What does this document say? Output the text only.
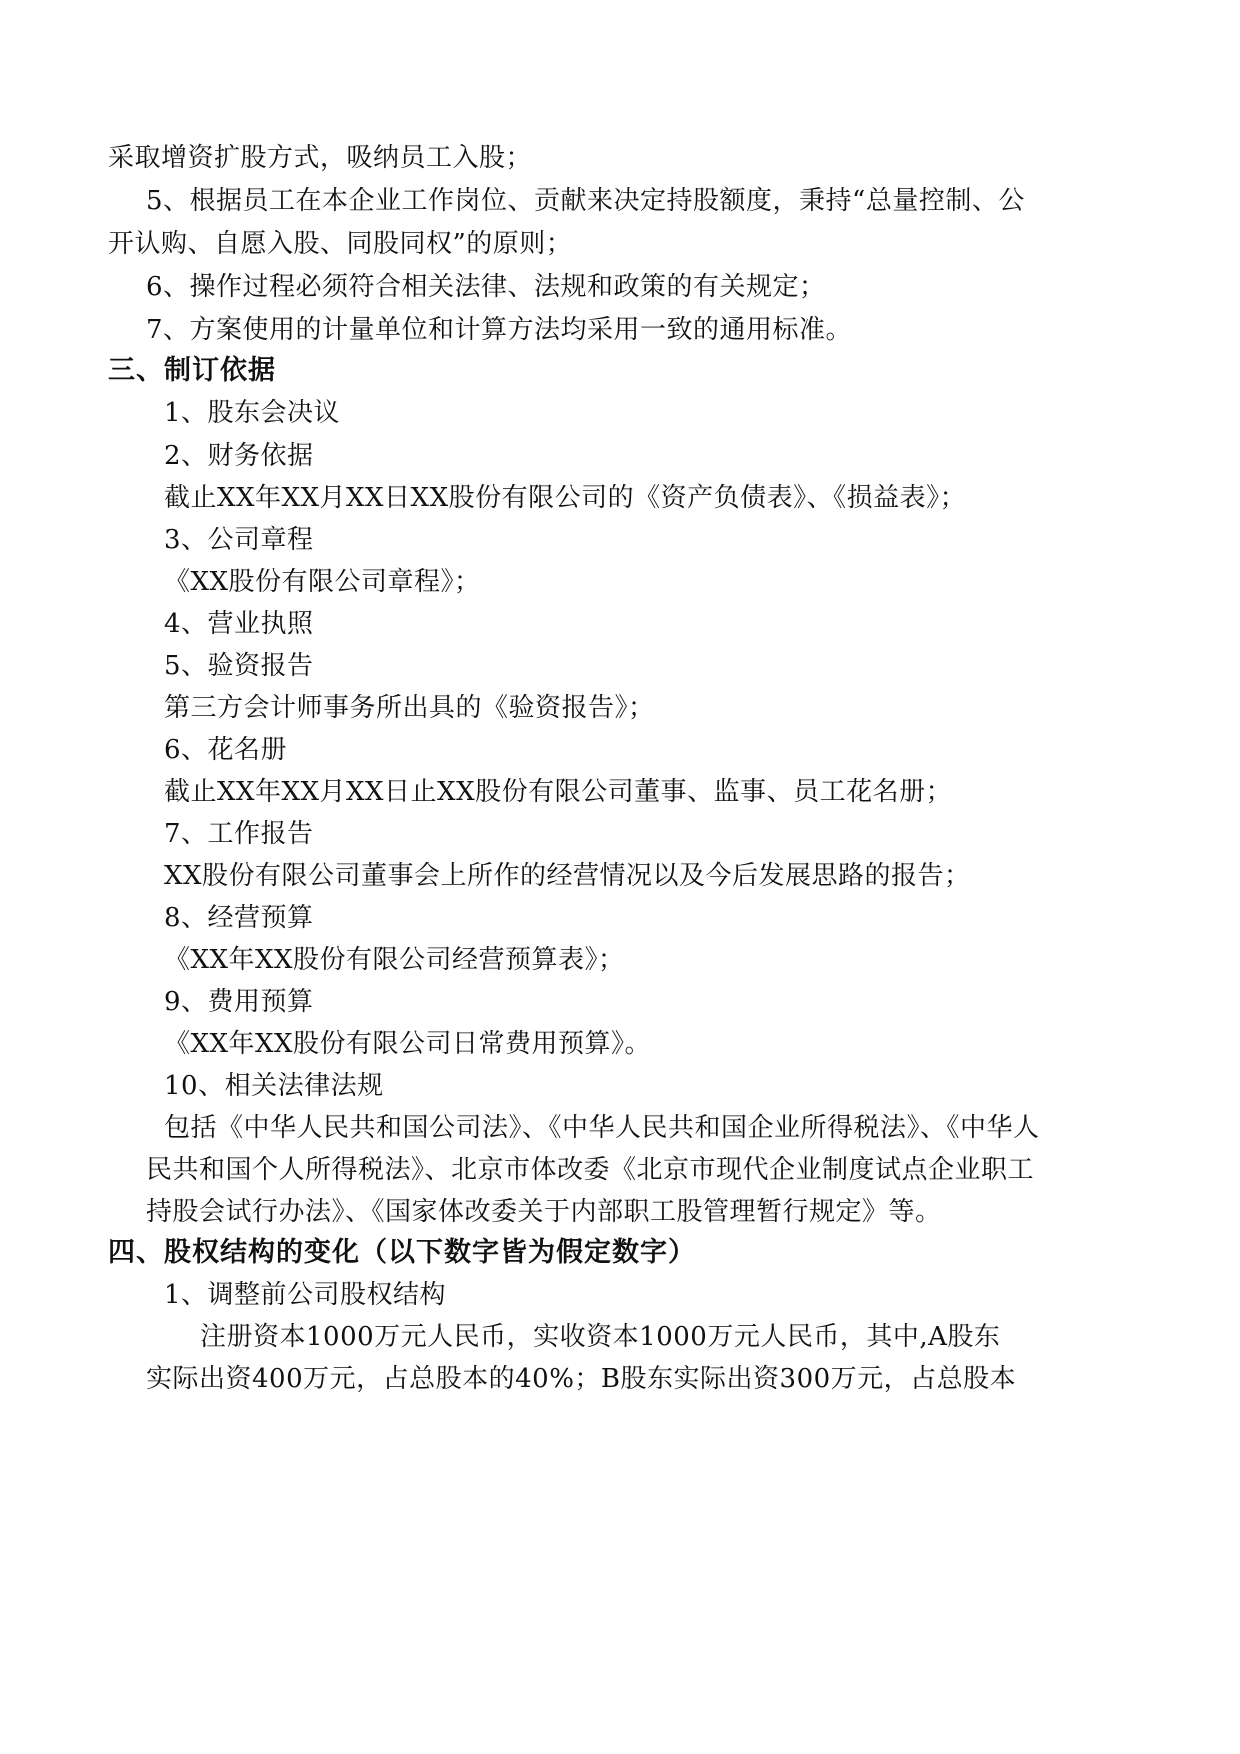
采取增资扩股方式，吸纳员工入股；
5、根据员工在本企业工作岗位、贡献来决定持股额度，秉持“总量控制、公
开认购、自愿入股、同股同权”的原则；
6、操作过程必须符合相关法律、法规和政策的有关规定；
7、方案使用的计量单位和计算方法均采用一致的通用标准。
三、制订依据
1、股东会决议
2、财务依据
截止XX年XX月XX日XX股份有限公司的《资产负债表》、《损益表》；
3、公司章程
《XX股份有限公司章程》；
4、营业执照
5、验资报告
第三方会计师事务所出具的《验资报告》；
6、花名册
截止XX年XX月XX日止XX股份有限公司董事、监事、员工花名册；
7、工作报告
XX股份有限公司董事会上所作的经营情况以及今后发展思路的报告；
8、经营预算
《XX年XX股份有限公司经营预算表》；
9、费用预算
《XX年XX股份有限公司日常费用预算》。
10、相关法律法规
包括《中华人民共和国公司法》、《中华人民共和国企业所得税法》、《中华人
民共和国个人所得税法》、北京市体改委《北京市现代企业制度试点企业职工
持股会试行办法》、《国家体改委关于内部职工股管理暂行规定》等。
四、股权结构的变化（以下数字皆为假定数字）
1、调整前公司股权结构
注册资本1000万元人民币，实收资本1000万元人民币，其中,A股东
实际出资400万元，占总股本的40%；B股东实际出资300万元，占总股本
